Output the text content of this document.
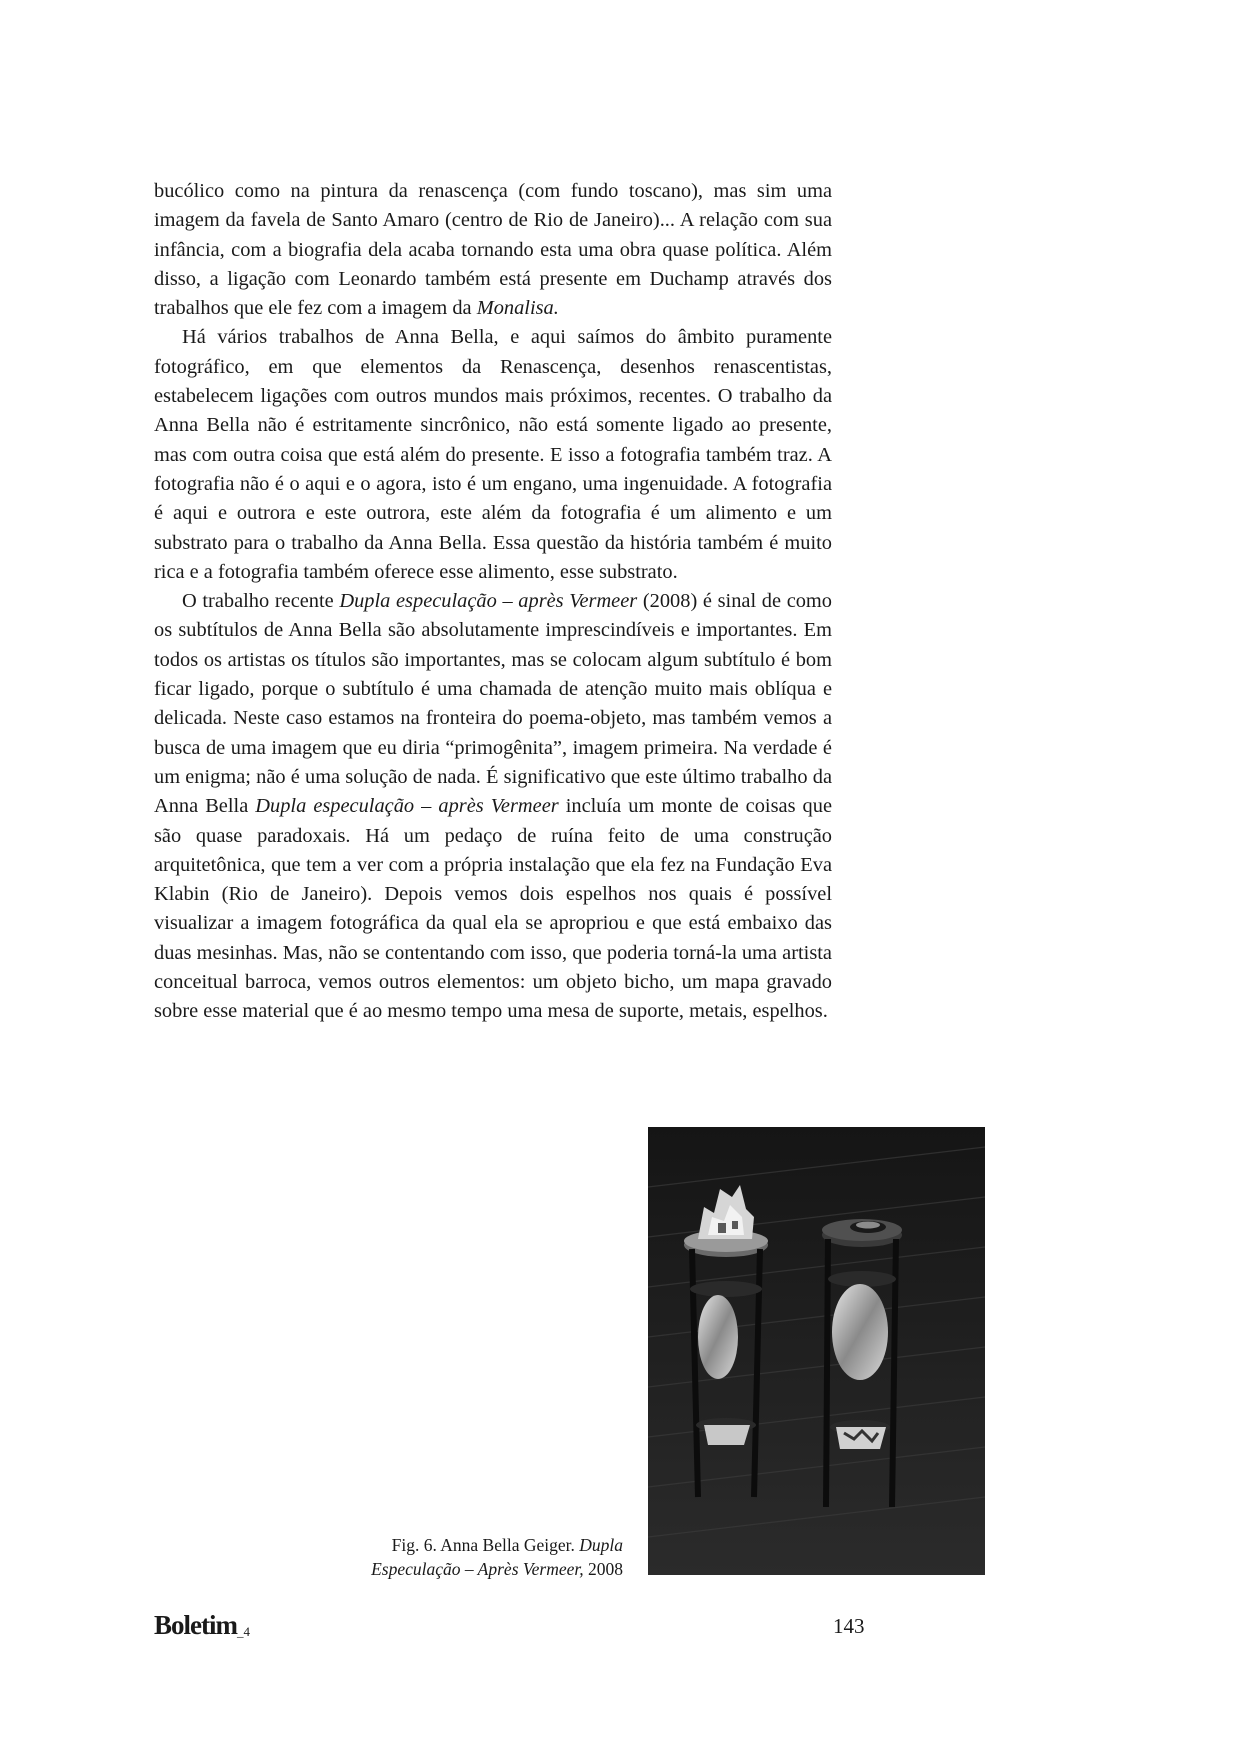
bucólico como na pintura da renascença (com fundo toscano), mas sim uma imagem da favela de Santo Amaro (centro de Rio de Janeiro)... A relação com sua infância, com a biografia dela acaba tornando esta uma obra quase política. Além disso, a ligação com Leonardo também está presente em Duchamp através dos trabalhos que ele fez com a imagem da Monalisa.

Há vários trabalhos de Anna Bella, e aqui saímos do âmbito puramente fotográfico, em que elementos da Renascença, desenhos renascentistas, estabelecem ligações com outros mundos mais próximos, recentes. O trabalho da Anna Bella não é estritamente sincrônico, não está somente ligado ao presente, mas com outra coisa que está além do presente. E isso a fotografia também traz. A fotografia não é o aqui e o agora, isto é um engano, uma ingenuidade. A fotografia é aqui e outrora e este outrora, este além da fotografia é um alimento e um substrato para o trabalho da Anna Bella. Essa questão da história também é muito rica e a fotografia também oferece esse alimento, esse substrato.

O trabalho recente Dupla especulação – après Vermeer (2008) é sinal de como os subtítulos de Anna Bella são absolutamente imprescindíveis e importantes. Em todos os artistas os títulos são importantes, mas se colocam algum subtítulo é bom ficar ligado, porque o subtítulo é uma chamada de atenção muito mais oblíqua e delicada. Neste caso estamos na fronteira do poema-objeto, mas também vemos a busca de uma imagem que eu diria “primogênita”, imagem primeira. Na verdade é um enigma; não é uma solução de nada. É significativo que este último trabalho da Anna Bella Dupla especulação – après Vermeer incluía um monte de coisas que são quase paradoxais. Há um pedaço de ruína feito de uma construção arquitetônica, que tem a ver com a própria instalação que ela fez na Fundação Eva Klabin (Rio de Janeiro). Depois vemos dois espelhos nos quais é possível visualizar a imagem fotográfica da qual ela se apropriou e que está embaixo das duas mesinhas. Mas, não se contentando com isso, que poderia torná-la uma artista conceitual barroca, vemos outros elementos: um objeto bicho, um mapa gravado sobre esse material que é ao mesmo tempo uma mesa de suporte, metais, espelhos.

Fig. 6. Anna Bella Geiger. Dupla
Especulação – Après Vermeer, 2008
Boletim$_{\_4}$	143
